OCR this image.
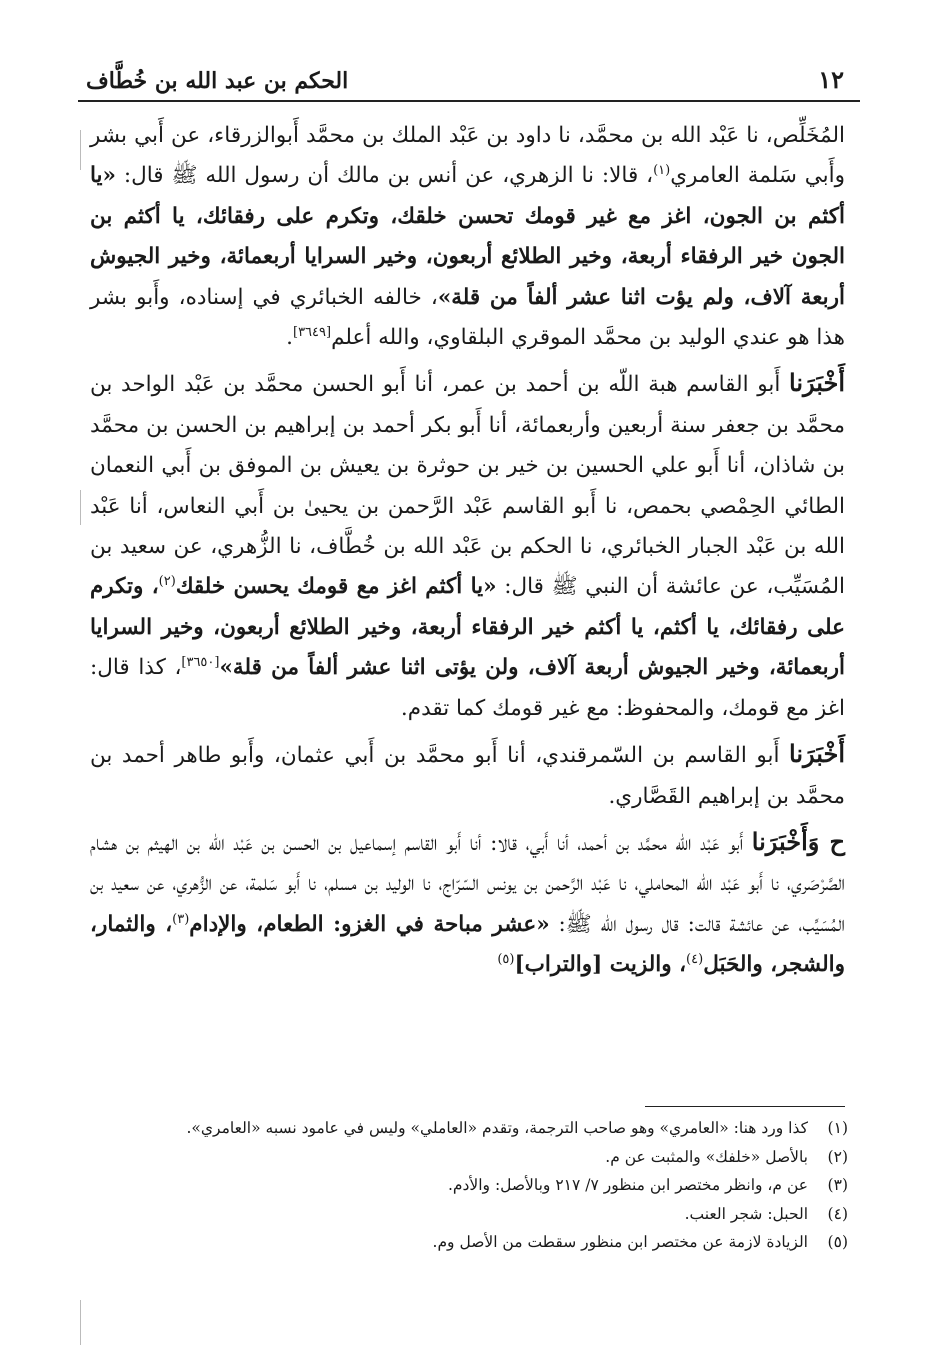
الحكم بن عبد الله بن خُطَّاف	١٢

المُخَلِّص، نا عَبْد الله بن محمَّد، نا داود بن عَبْد الملك بن محمَّد أَبوالزرقاء، عن أَبي بشر وأَبي سَلمة العامري$^{(١)}$، قالا: نا الزهري، عن أنس بن مالك أن رسول الله ﷺ قال: «يا أكثم بن الجون، اغز مع غير قومك تحسن خلقك، وتكرم على رفقائك، يا أكثم بن الجون خير الرفقاء أربعة، وخير الطلائع أربعون، وخير السرايا أربعمائة، وخير الجيوش أربعة آلاف، ولم يؤت اثنا عشر ألفاً من قلة»، خالفه الخبائري في إسناده، وأَبو بشر هذا هو عندي الوليد بن محمَّد الموقري البلقاوي، والله أعلم[٣٦٤٩].

أَخْبَرَنا أَبو القاسم هبة اللّه بن أحمد بن عمر، أنا أَبو الحسن محمَّد بن عَبْد الواحد بن محمَّد بن جعفر سنة أربعين وأربعمائة، أنا أَبو بكر أحمد بن إبراهيم بن الحسن بن محمَّد بن شاذان، أنا أَبو علي الحسين بن خير بن حوثرة بن يعيش بن الموفق بن أَبي النعمان الطائي الحِمْصي بحمص، نا أَبو القاسم عَبْد الرَّحمن بن يحيىٰ بن أَبي النعاس، أنا عَبْد الله بن عَبْد الجبار الخبائري، نا الحكم بن عَبْد الله بن خُطَّاف، نا الزُّهري، عن سعيد بن المُسَيِّب، عن عائشة أن النبي ﷺ قال: «يا أكثم اغز مع قومك يحسن خلقك$^{(٢)}$، وتكرم على رفقائك، يا أكثم، يا أكثم خير الرفقاء أربعة، وخير الطلائع أربعون، وخير السرايا أربعمائة، وخير الجيوش أربعة آلاف، ولن يؤتى اثنا عشر ألفاً من قلة»[٣٦٥٠]، كذا قال: اغز مع قومك، والمحفوظ: مع غير قومك كما تقدم.

أَخْبَرَنا أَبو القاسم بن السّمرقندي، أنا أَبو محمَّد بن أَبي عثمان، وأَبو طاهر أحمد بن محمَّد بن إبراهيم القَصَّاري.

ح وَأَخْبَرَنا أَبو عَبْد اللّه محمَّد بن أحمد، أنا أَبي، قالا: أنا أَبو القاسم إسماعيل بن الحسن بن عَبْد اللّه بن الهيثم بن هشام الصَّرْصَري، نا أَبو عَبْد اللّه المحاملي، نا عَبْد الرَّحمن بن يونس السّرّاج، نا الوليد بن مسلم، نا أَبو سَلمة، عن الزُّهري، عن سعيد بن المُسَيِّب، عن عائشة قالت: قال رسول الله ﷺ: «عشر مباحة في الغزو: الطعام، والإدام$^{(٣)}$، والثمار، والشجر، والحَبَل$^{(٤)}$، والزيت [والتراب]$^{(٥)}$

(١)
كذا ورد هنا: «العامري» وهو صاحب الترجمة، وتقدم «العاملي» وليس في عامود نسبه «العامري».
(٢)
بالأصل «خلفك» والمثبت عن م.
(٣)
عن م، وانظر مختصر ابن منظور ٧/ ٢١٧ وبالأصل: والأدم.
(٤)
الحبل: شجر العنب.
(٥)
الزيادة لازمة عن مختصر ابن منظور سقطت من الأصل وم.
